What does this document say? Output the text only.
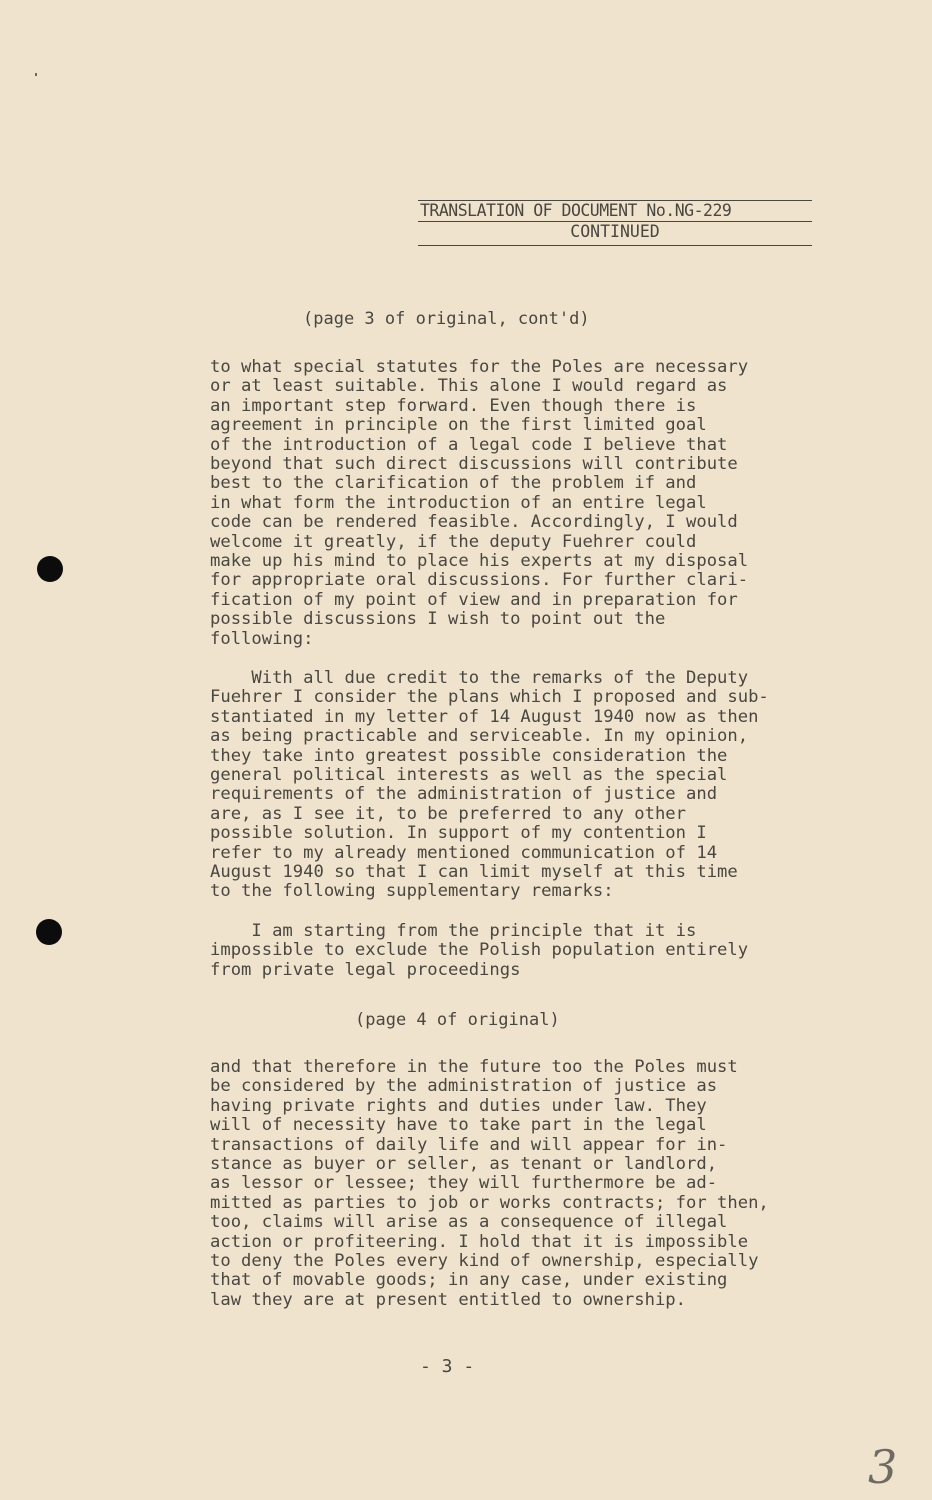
TRANSLATION OF DOCUMENT No.NG-229
CONTINUED
(page 3 of original, cont'd)
to what special statutes for the Poles are necessary
or at least suitable. This alone I would regard as
an important step forward. Even though there is
agreement in principle on the first limited goal
of the introduction of a legal code I believe that
beyond that such direct discussions will contribute
best to the clarification of the problem if and
in what form the introduction of an entire legal
code can be rendered feasible. Accordingly, I would
welcome it greatly, if the deputy Fuehrer could
make up his mind to place his experts at my disposal
for appropriate oral discussions. For further clari-
fication of my point of view and in preparation for
possible discussions I wish to point out the
following:
With all due credit to the remarks of the Deputy
Fuehrer I consider the plans which I proposed and sub-
stantiated in my letter of 14 August 1940 now as then
as being practicable and serviceable. In my opinion,
they take into greatest possible consideration the
general political interests as well as the special
requirements of the administration of justice and
are, as I see it, to be preferred to any other
possible solution. In support of my contention I
refer to my already mentioned communication of 14
August 1940 so that I can limit myself at this time
to the following supplementary remarks:
I am starting from the principle that it is
impossible to exclude the Polish population entirely
from private legal proceedings
(page 4 of original)
and that therefore in the future too the Poles must
be considered by the administration of justice as
having private rights and duties under law. They
will of necessity have to take part in the legal
transactions of daily life and will appear for in-
stance as buyer or seller, as tenant or landlord,
as lessor or lessee; they will furthermore be ad-
mitted as parties to job or works contracts; for then,
too, claims will arise as a consequence of illegal
action or profiteering. I hold that it is impossible
to deny the Poles every kind of ownership, especially
that of movable goods; in any case, under existing
law they are at present entitled to ownership.
- 3 -
3
